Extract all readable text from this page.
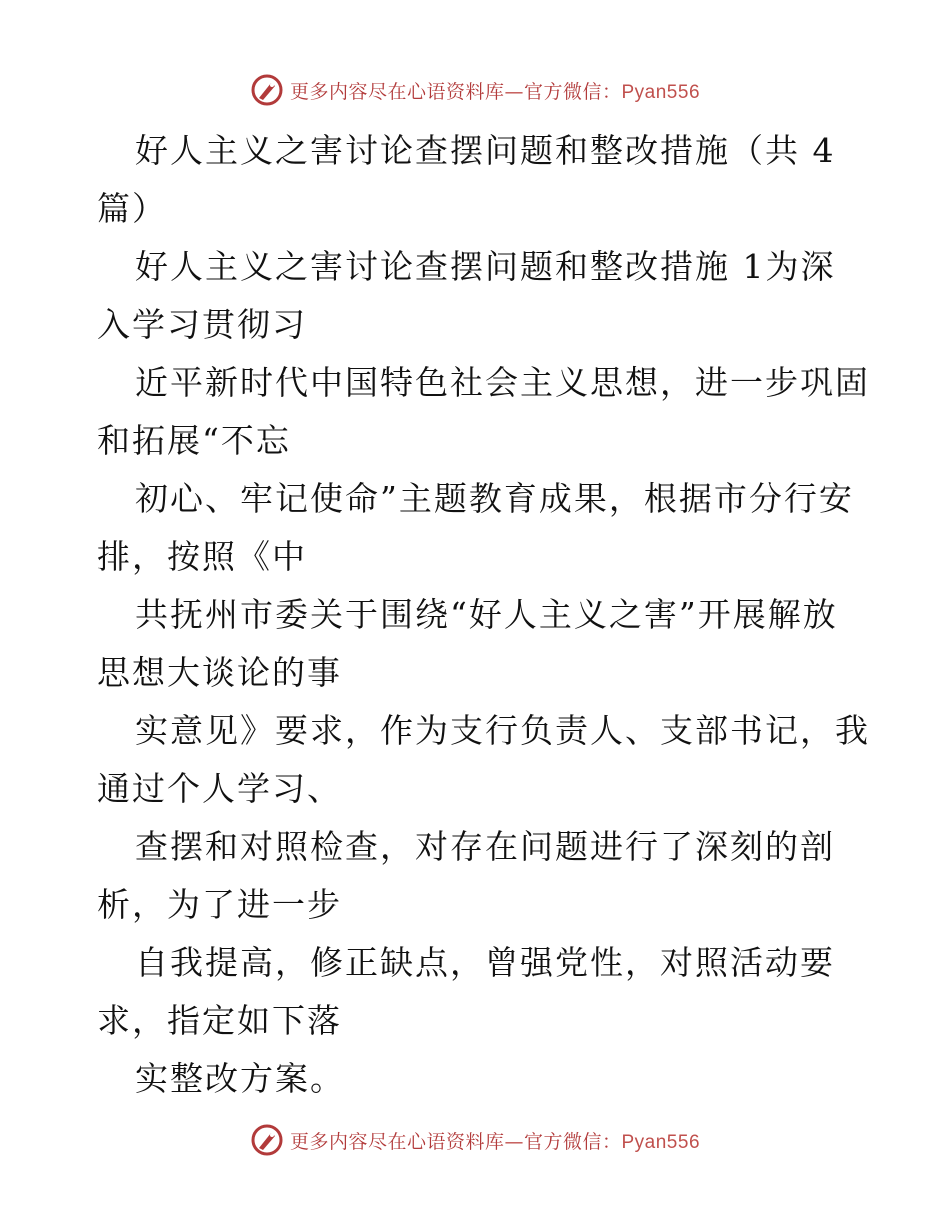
更多内容尽在心语资料库—官方微信：Pyan556

好人主义之害讨论查摆问题和整改措施（共 4
篇）

好人主义之害讨论查摆问题和整改措施 1为深
入学习贯彻习

近平新时代中国特色社会主义思想，进一步巩固
和拓展“不忘

初心、牢记使命”主题教育成果，根据市分行安
排，按照《中

共抚州市委关于围绕“好人主义之害”开展解放
思想大谈论的事

实意见》要求，作为支行负责人、支部书记，我
通过个人学习、

查摆和对照检查，对存在问题进行了深刻的剖
析，为了进一步

自我提高，修正缺点，曾强党性，对照活动要
求，指定如下落

实整改方案。

更多内容尽在心语资料库—官方微信：Pyan556
